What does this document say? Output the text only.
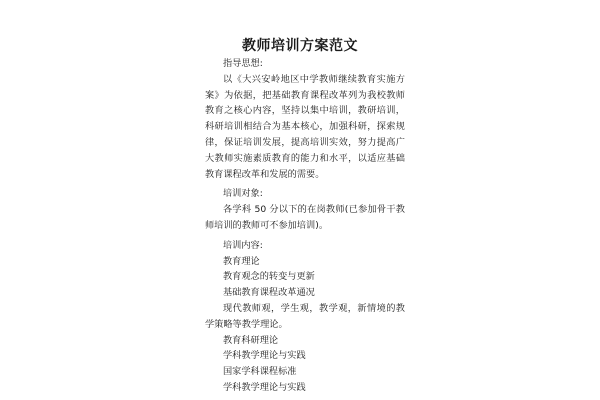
教师培训方案范文

指导思想:

以《大兴安岭地区中学教师继续教育实施方案》为依据，把基础教育课程改革列为我校教师教育之核心内容，坚持以集中培训，教研培训，科研培训相结合为基本核心，加强科研，探索规律，保证培训发展，提高培训实效，努力提高广大教师实施素质教育的能力和水平，以适应基础教育课程改革和发展的需要。

培训对象:

各学科 50 分以下的在岗教师(已参加骨干教师培训的教师可不参加培训)。

培训内容:

教育理论

教育观念的转变与更新

基础教育课程改革通况

现代教师观，学生观，教学观，新情境的教学策略等教学理论。

教育科研理论

学科教学理论与实践

国家学科课程标准

学科教学理论与实践
